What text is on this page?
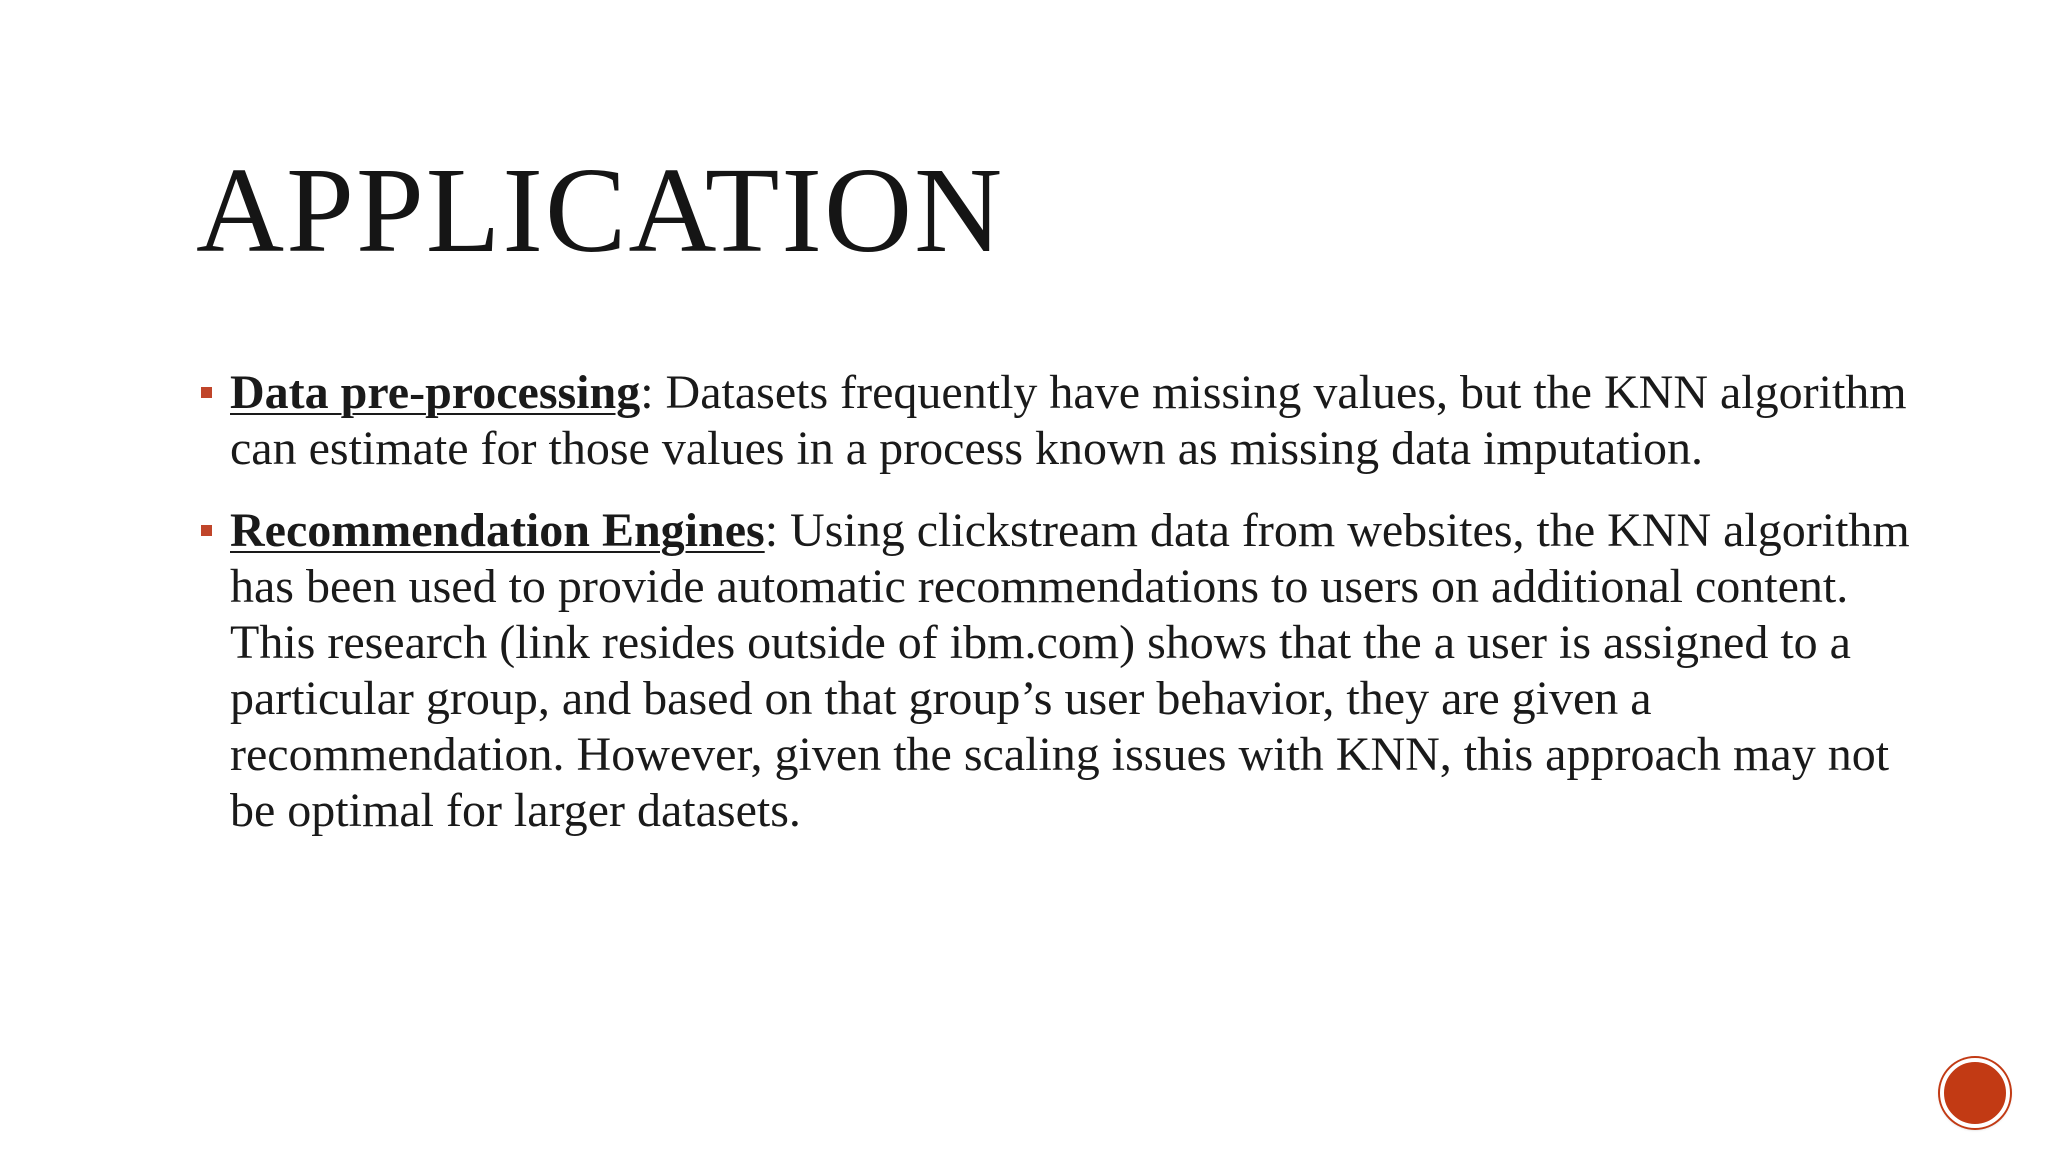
APPLICATION
Data pre-processing: Datasets frequently have missing values, but the KNN algorithm can estimate for those values in a process known as missing data imputation.
Recommendation Engines: Using clickstream data from websites, the KNN algorithm has been used to provide automatic recommendations to users on additional content. This research (link resides outside of ibm.com) shows that the a user is assigned to a particular group, and based on that group’s user behavior, they are given a recommendation. However, given the scaling issues with KNN, this approach may not be optimal for larger datasets.
